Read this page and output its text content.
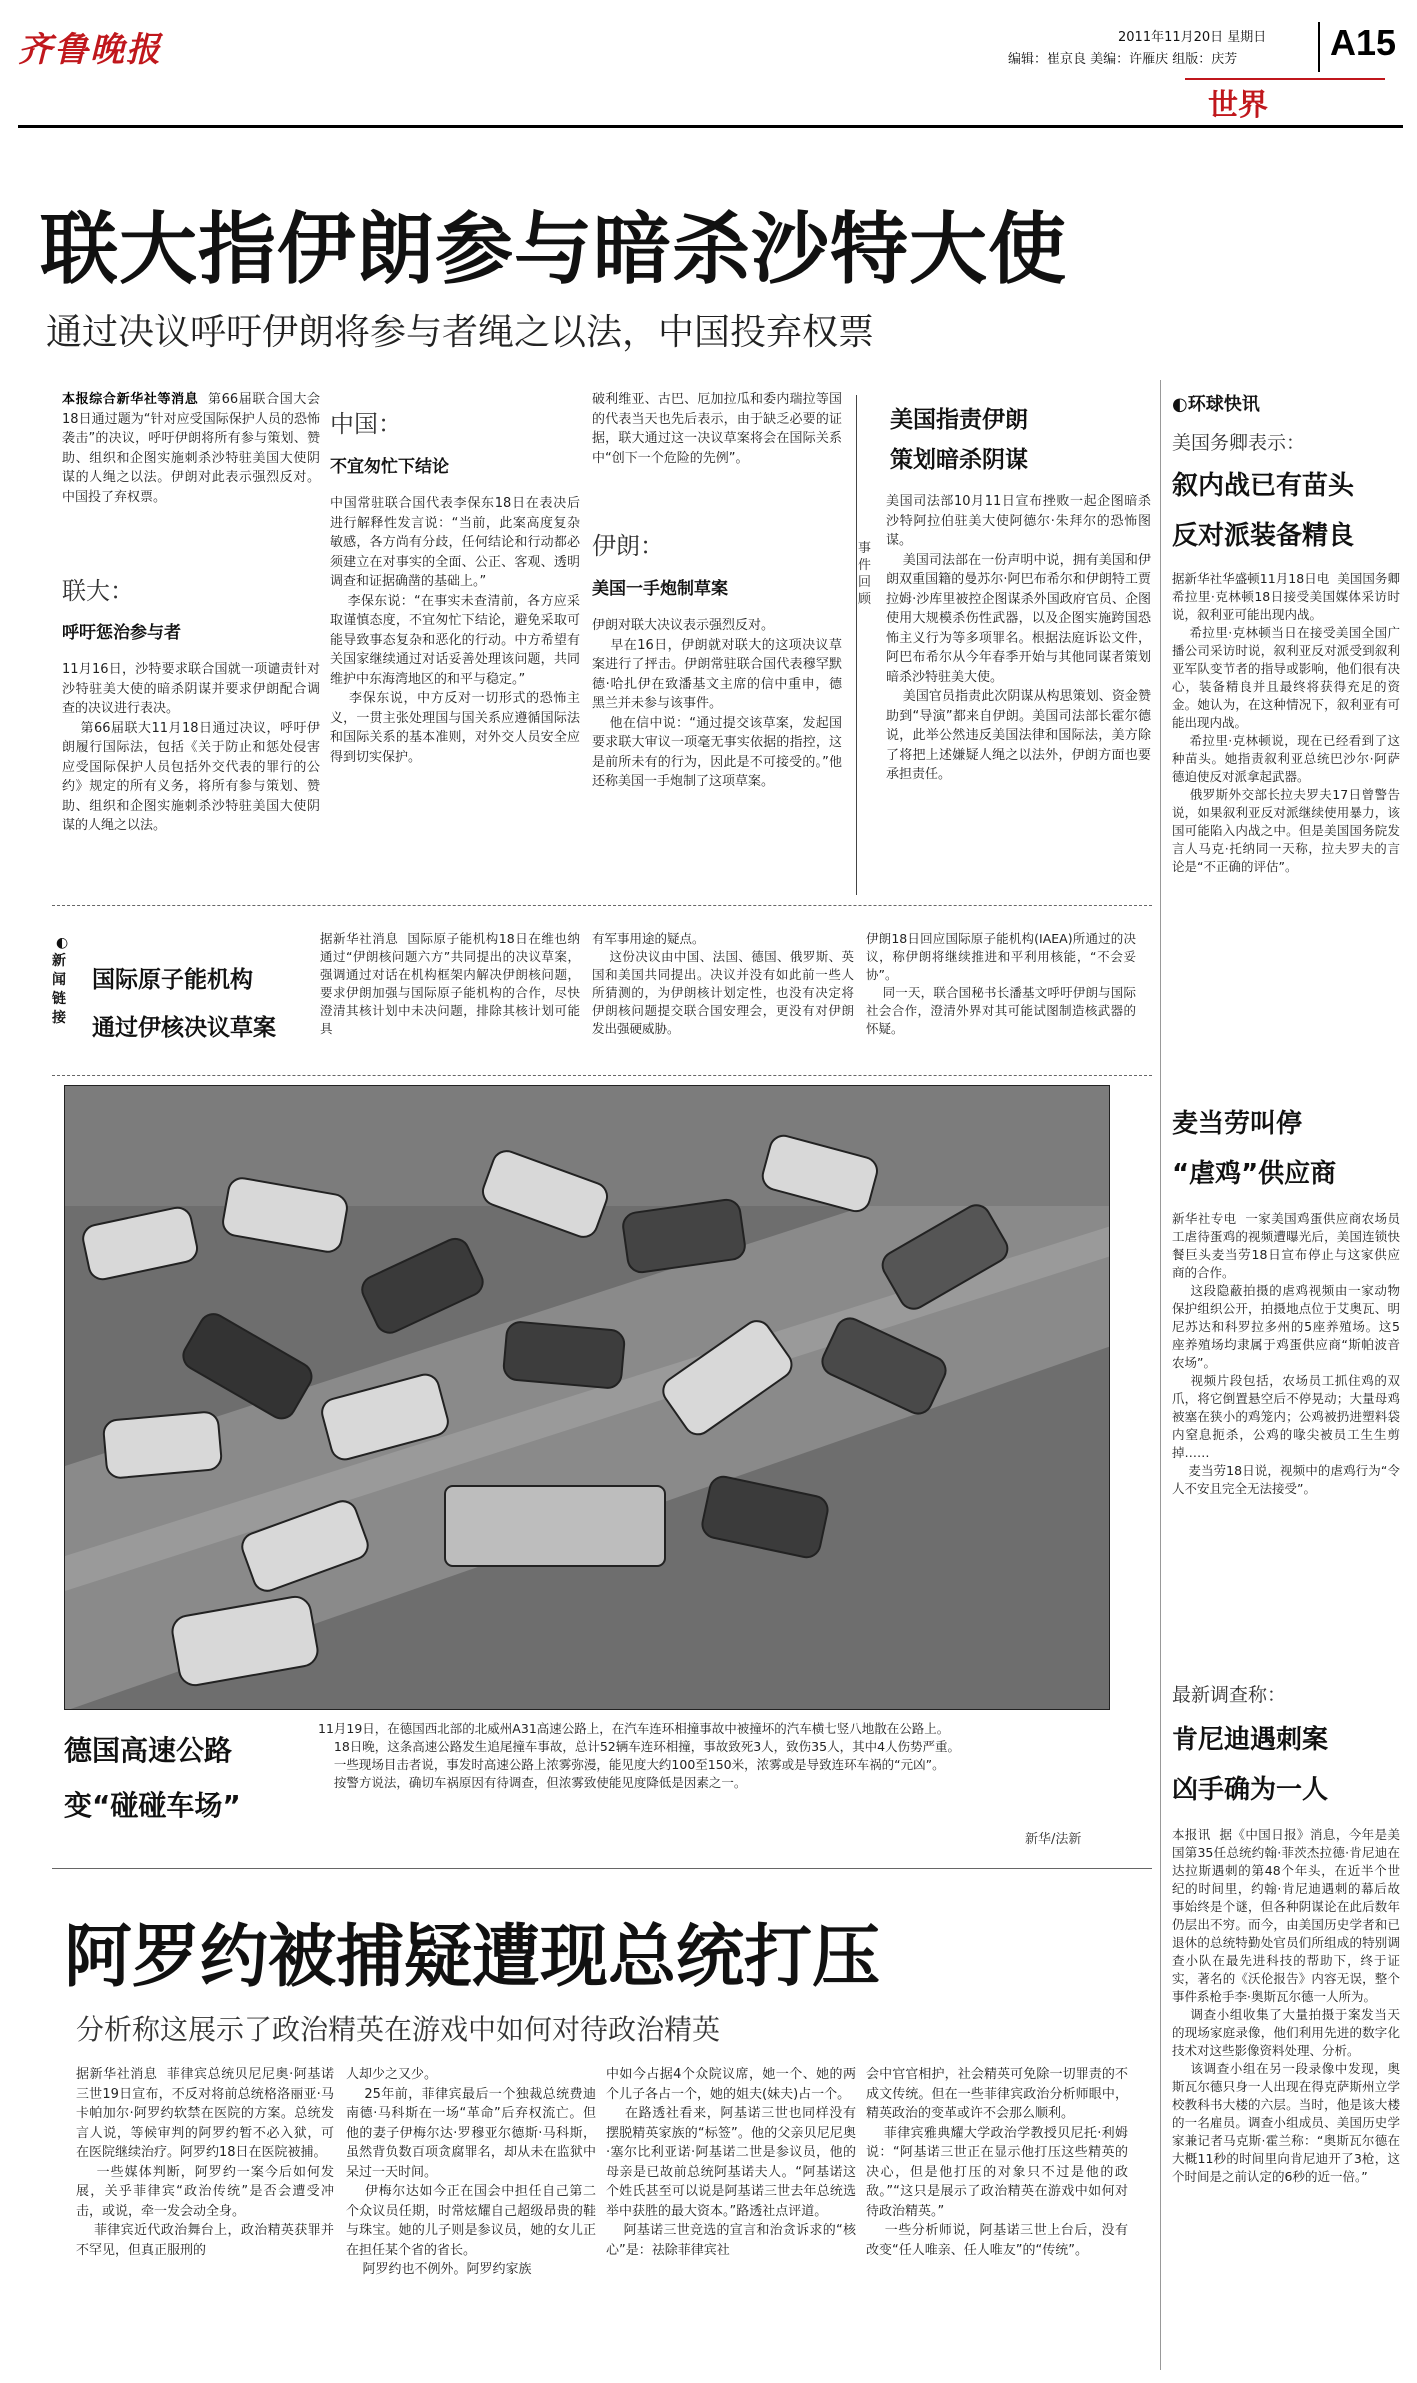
齐鲁晚报	2011年11月20日 星期日
编辑：崔京良 美编：许雁庆 组版：庆芳	A15
世界
联大指伊朗参与暗杀沙特大使
通过决议呼吁伊朗将参与者绳之以法，中国投弃权票
本报综合新华社等消息 第66届联合国大会18日通过题为“针对应受国际保护人员的恐怖袭击”的决议，呼吁伊朗将所有参与策划、赞助、组织和企图实施刺杀沙特驻美国大使阴谋的人绳之以法。伊朗对此表示强烈反对。中国投了弃权票。
联大：
呼吁惩治参与者
11月16日，沙特要求联合国就一项谴责针对沙特驻美大使的暗杀阴谋并要求伊朗配合调查的决议进行表决。
第66届联大11月18日通过决议，呼吁伊朗履行国际法，包括《关于防止和惩处侵害应受国际保护人员包括外交代表的罪行的公约》规定的所有义务，将所有参与策划、赞助、组织和企图实施刺杀沙特驻美国大使阴谋的人绳之以法。
中国：
不宜匆忙下结论
中国常驻联合国代表李保东18日在表决后进行解释性发言说：“当前，此案高度复杂敏感，各方尚有分歧，任何结论和行动都必须建立在对事实的全面、公正、客观、透明调查和证据确凿的基础上。”
李保东说：“在事实未查清前，各方应采取谨慎态度，不宜匆忙下结论，避免采取可能导致事态复杂和恶化的行动。中方希望有关国家继续通过对话妥善处理该问题，共同维护中东海湾地区的和平与稳定。”
李保东说，中方反对一切形式的恐怖主义，一贯主张处理国与国关系应遵循国际法和国际关系的基本准则，对外交人员安全应得到切实保护。
破利维亚、古巴、厄加拉瓜和委内瑞拉等国的代表当天也先后表示，由于缺乏必要的证据，联大通过这一决议草案将会在国际关系中“创下一个危险的先例”。
伊朗：
美国一手炮制草案
伊朗对联大决议表示强烈反对。
早在16日，伊朗就对联大的这项决议草案进行了抨击。伊朗常驻联合国代表穆罕默德·哈扎伊在致潘基文主席的信中重申，德黑兰并未参与该事件。
他在信中说：“通过提交该草案，发起国要求联大审议一项毫无事实依据的指控，这是前所未有的行为，因此是不可接受的。”他还称美国一手炮制了这项草案。
美国指责伊朗
策划暗杀阴谋
事件回顾
美国司法部10月11日宣布挫败一起企图暗杀沙特阿拉伯驻美大使阿德尔·朱拜尔的恐怖图谋。
美国司法部在一份声明中说，拥有美国和伊朗双重国籍的曼苏尔·阿巴布希尔和伊朗特工贾拉姆·沙库里被控企图谋杀外国政府官员、企图使用大规模杀伤性武器，以及企图实施跨国恐怖主义行为等多项罪名。根据法庭诉讼文件，阿巴布希尔从今年春季开始与其他同谋者策划暗杀沙特驻美大使。
美国官员指责此次阴谋从构思策划、资金赞助到“导演”都来自伊朗。美国司法部长霍尔德说，此举公然违反美国法律和国际法，美方除了将把上述嫌疑人绳之以法外，伊朗方面也要承担责任。
新闻链接
◐
国际原子能机构
通过伊核决议草案
据新华社消息  国际原子能机构18日在维也纳通过“伊朗核问题六方”共同提出的决议草案，强调通过对话在机构框架内解决伊朗核问题，要求伊朗加强与国际原子能机构的合作，尽快澄清其核计划中未决问题，排除其核计划可能具
有军事用途的疑点。
这份决议由中国、法国、德国、俄罗斯、英国和美国共同提出。决议并没有如此前一些人所猜测的，为伊朗核计划定性，也没有决定将伊朗核问题提交联合国安理会，更没有对伊朗发出强硬威胁。
伊朗18日回应国际原子能机构(IAEA)所通过的决议，称伊朗将继续推进和平利用核能，“不会妥协”。
同一天，联合国秘书长潘基文呼吁伊朗与国际社会合作，澄清外界对其可能试图制造核武器的怀疑。
德国高速公路
变“碰碰车场”
11月19日，在德国西北部的北威州A31高速公路上，在汽车连环相撞事故中被撞坏的汽车横七竖八地散在公路上。
18日晚，这条高速公路发生追尾撞车事故，总计52辆车连环相撞，事故致死3人，致伤35人，其中4人伤势严重。
一些现场目击者说，事发时高速公路上浓雾弥漫，能见度大约100至150米，浓雾或是导致连环车祸的“元凶”。
按警方说法，确切车祸原因有待调查，但浓雾致使能见度降低是因素之一。
新华/法新
阿罗约被捕疑遭现总统打压
分析称这展示了政治精英在游戏中如何对待政治精英
据新华社消息  菲律宾总统贝尼尼奥·阿基诺三世19日宣布，不反对将前总统格洛丽亚·马卡帕加尔·阿罗约软禁在医院的方案。总统发言人说，等候审判的阿罗约暂不必入狱，可在医院继续治疗。阿罗约18日在医院被捕。
一些媒体判断，阿罗约一案今后如何发展，关乎菲律宾“政治传统”是否会遭受冲击，或说，牵一发会动全身。
菲律宾近代政治舞台上，政治精英获罪并不罕见，但真正服刑的
人却少之又少。
25年前，菲律宾最后一个独裁总统费迪南德·马科斯在一场“革命”后弃权流亡。但他的妻子伊梅尔达·罗穆亚尔德斯·马科斯，虽然背负数百项贪腐罪名，却从未在监狱中呆过一天时间。
伊梅尔达如今正在国会中担任自己第二个众议员任期，时常炫耀自己超级昂贵的鞋与珠宝。她的儿子则是参议员，她的女儿正在担任某个省的省长。
阿罗约也不例外。阿罗约家族
中如今占据4个众院议席，她一个、她的两个儿子各占一个，她的姐夫(妹夫)占一个。
在路透社看来，阿基诺三世也同样没有摆脱精英家族的“标签”。他的父亲贝尼尼奥·塞尔比利亚诺·阿基诺二世是参议员，他的母亲是已故前总统阿基诺夫人。“阿基诺这个姓氏甚至可以说是阿基诺三世去年总统选举中获胜的最大资本。”路透社点评道。
阿基诺三世竞选的宣言和治贪诉求的“核心”是：祛除菲律宾社
会中官官相护，社会精英可免除一切罪责的不成文传统。但在一些菲律宾政治分析师眼中，精英政治的变革或许不会那么顺利。
菲律宾雅典耀大学政治学教授贝尼托·利姆说：“阿基诺三世正在显示他打压这些精英的决心，但是他打压的对象只不过是他的政敌。”“这只是展示了政治精英在游戏中如何对待政治精英。”
一些分析师说，阿基诺三世上台后，没有改变“任人唯亲、任人唯友”的“传统”。
◐环球快讯
美国务卿表示：
叙内战已有苗头
反对派装备精良
据新华社华盛顿11月18日电  美国国务卿希拉里·克林顿18日接受美国媒体采访时说，叙利亚可能出现内战。
希拉里·克林顿当日在接受美国全国广播公司采访时说，叙利亚反对派受到叙利亚军队变节者的指导或影响，他们很有决心，装备精良并且最终将获得充足的资金。她认为，在这种情况下，叙利亚有可能出现内战。
希拉里·克林顿说，现在已经看到了这种苗头。她指责叙利亚总统巴沙尔·阿萨德迫使反对派拿起武器。
俄罗斯外交部长拉夫罗夫17日曾警告说，如果叙利亚反对派继续使用暴力，该国可能陷入内战之中。但是美国国务院发言人马克·托纳同一天称，拉夫罗夫的言论是“不正确的评估”。
麦当劳叫停
“虐鸡”供应商
新华社专电  一家美国鸡蛋供应商农场员工虐待蛋鸡的视频遭曝光后，美国连锁快餐巨头麦当劳18日宣布停止与这家供应商的合作。
这段隐蔽拍摄的虐鸡视频由一家动物保护组织公开，拍摄地点位于艾奥瓦、明尼苏达和科罗拉多州的5座养殖场。这5座养殖场均隶属于鸡蛋供应商“斯帕波音农场”。
视频片段包括，农场员工抓住鸡的双爪，将它倒置悬空后不停晃动；大量母鸡被塞在狭小的鸡笼内；公鸡被扔进塑料袋内窒息扼杀，公鸡的喙尖被员工生生剪掉……
麦当劳18日说，视频中的虐鸡行为“令人不安且完全无法接受”。
最新调查称：
肯尼迪遇刺案
凶手确为一人
本报讯  据《中国日报》消息，今年是美国第35任总统约翰·菲茨杰拉德·肯尼迪在达拉斯遇刺的第48个年头，在近半个世纪的时间里，约翰·肯尼迪遇刺的幕后故事始终是个谜，但各种阴谋论在此后数年仍层出不穷。而今，由美国历史学者和已退休的总统特勤处官员们所组成的特别调查小队在最先进科技的帮助下，终于证实，著名的《沃伦报告》内容无误，整个事件系枪手李·奥斯瓦尔德一人所为。
调查小组收集了大量拍摄于案发当天的现场家庭录像，他们利用先进的数字化技术对这些影像资料处理、分析。
该调查小组在另一段录像中发现，奥斯瓦尔德只身一人出现在得克萨斯州立学校教科书大楼的六层。当时，他是该大楼的一名雇员。调查小组成员、美国历史学家兼记者马克斯·霍兰称：“奥斯瓦尔德在大概11秒的时间里向肯尼迪开了3枪，这个时间是之前认定的6秒的近一倍。”
